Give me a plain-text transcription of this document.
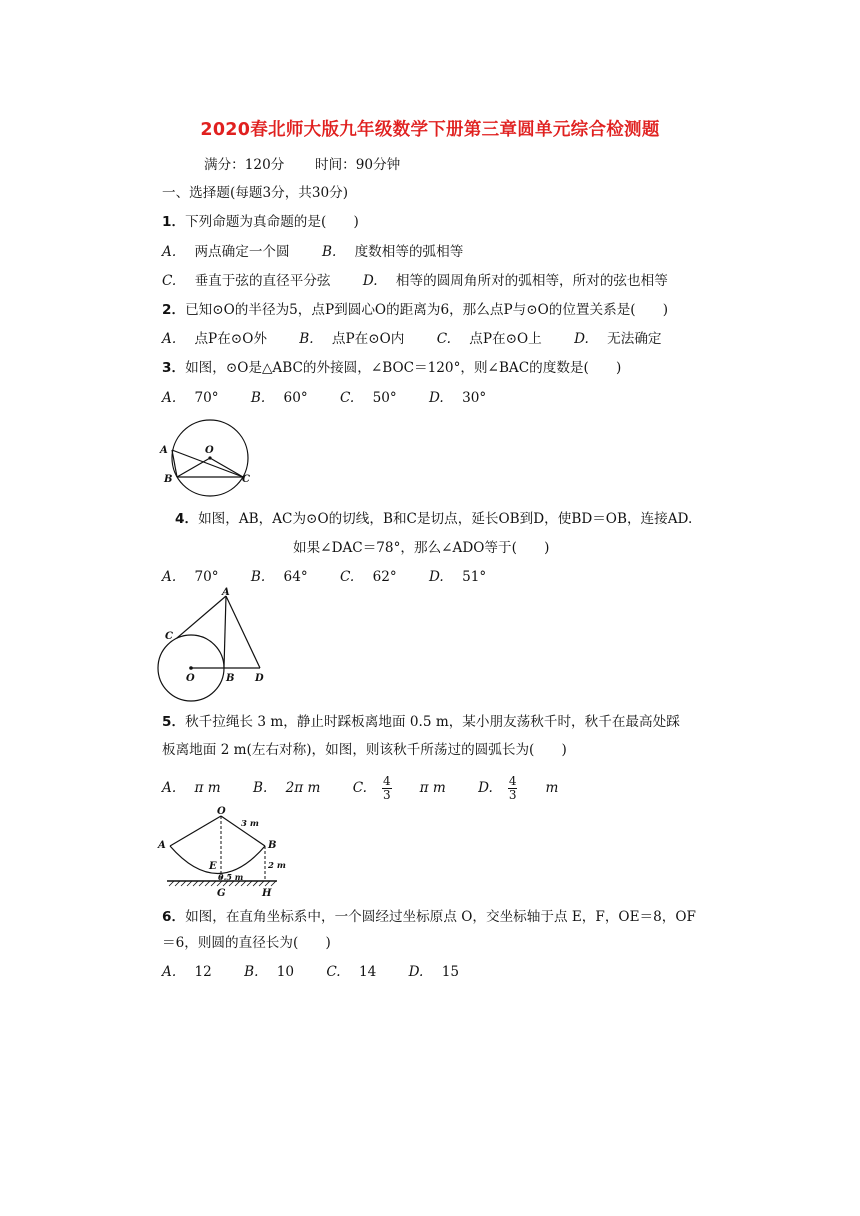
2020春北师大版九年级数学下册第三章圆单元综合检测题
满分：120分 时间：90分钟
一、选择题(每题3分，共30分)
1．下列命题为真命题的是(　　)
A. 两点确定一个圆 B. 度数相等的弧相等
C. 垂直于弦的直径平分弦 D. 相等的圆周角所对的弧相等，所对的弦也相等
2．已知⊙O的半径为5，点P到圆心O的距离为6，那么点P与⊙O的位置关系是(　　)
A. 点P在⊙O外 B. 点P在⊙O内 C. 点P在⊙O上 D. 无法确定
3．如图，⊙O是△ABC的外接圆，∠BOC＝120°，则∠BAC的度数是(　　)
A. 70° B. 60° C. 50° D. 30°
A	O
B	C
4．如图，AB，AC为⊙O的切线，B和C是切点，延长OB到D，使BD＝OB，连接AD.
如果∠DAC＝78°，那么∠ADO等于(　　)
A. 70° B. 64° C. 62° D. 51°
A
C
O	B D
5．秋千拉绳长 3 m，静止时踩板离地面 0.5 m，某小朋友荡秋千时，秋千在最高处踩
板离地面 2 m(左右对称)，如图，则该秋千所荡过的圆弧长为(　　)
A. π m B. 2π m C. $\frac{4}{3}$ π m D. $\frac{4}{3}$ m
O
A	B
3 m
E	2 m
0.5 m
G	H
6．如图，在直角坐标系中，一个圆经过坐标原点 O，交坐标轴于点 E，F，OE＝8，OF
＝6，则圆的直径长为(　　)
A. 12 B. 10 C. 14 D. 15
